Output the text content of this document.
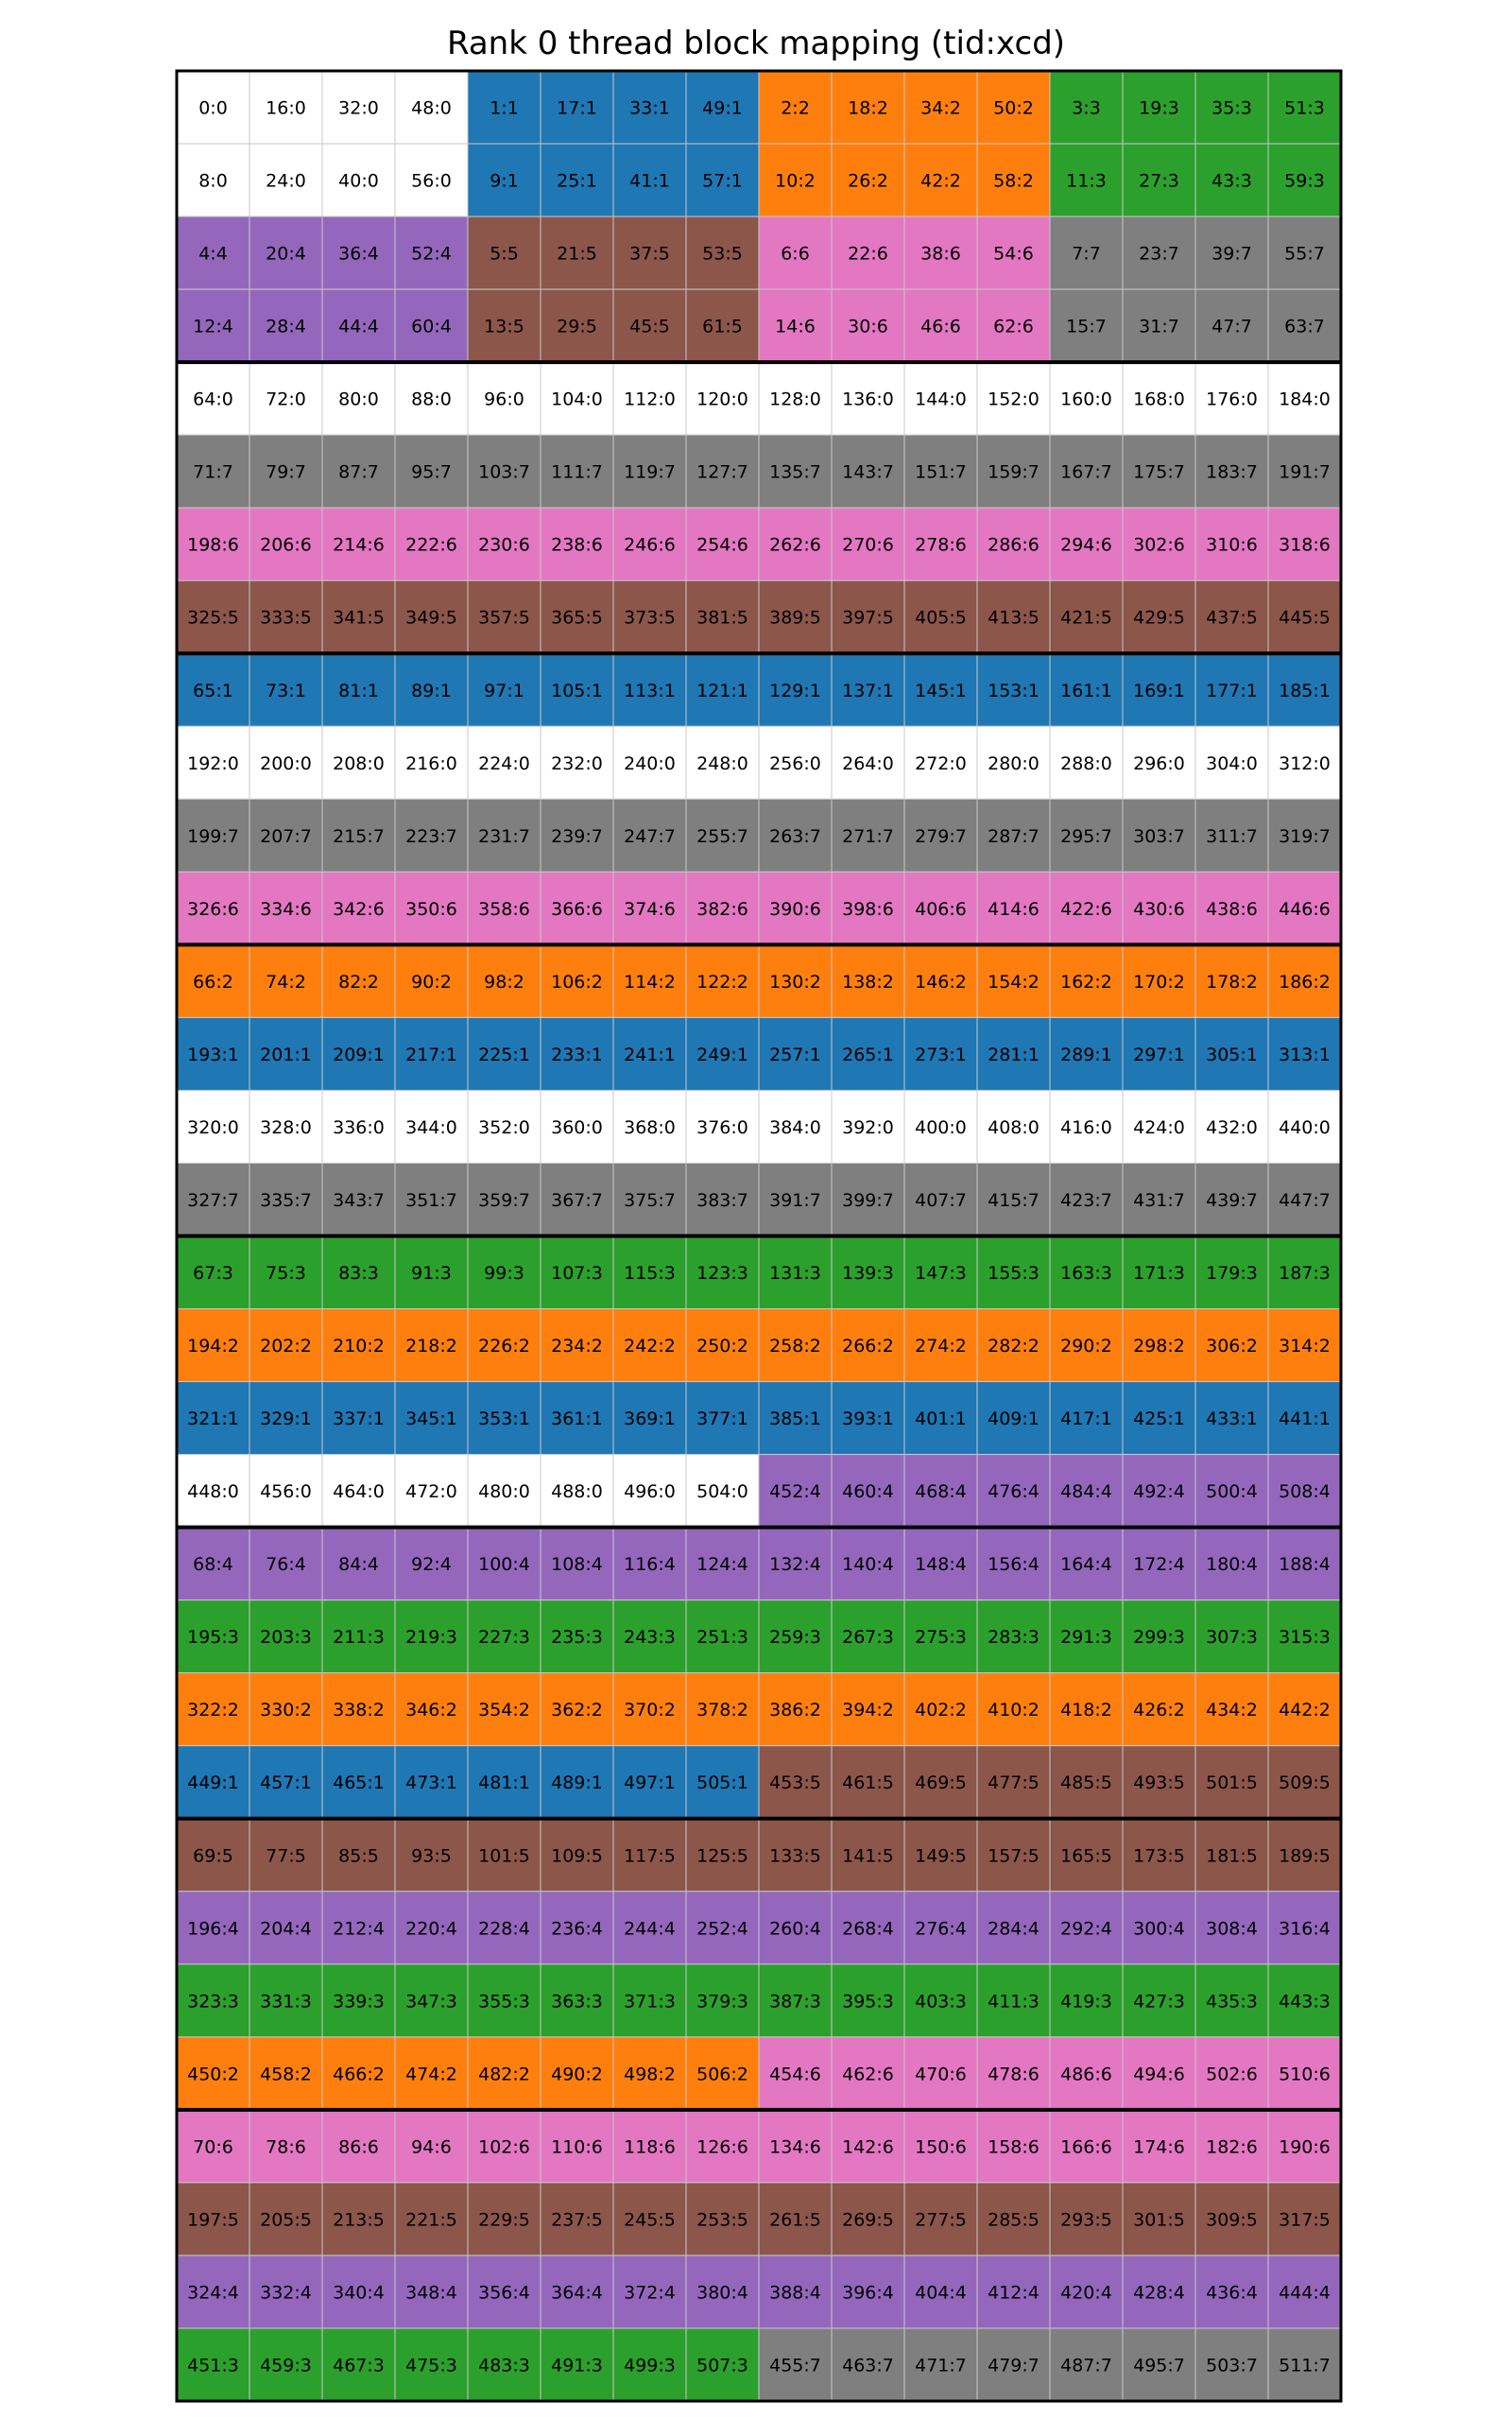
Rank 0 thread block mapping (tid:xcd)
0:0 16:0 32:0 48:0 1:1 17:1 33:1 49:1 2:2 18:2 34:2 50:2 3:3 19:3 35:3 51:3
8:0 24:0 40:0 56:0 9:1 25:1 41:1 57:1 10:2 26:2 42:2 58:2 11:3 27:3 43:3 59:3
4:4 20:4 36:4 52:4 5:5 21:5 37:5 53:5 6:6 22:6 38:6 54:6 7:7 23:7 39:7 55:7
12:4 28:4 44:4 60:4 13:5 29:5 45:5 61:5 14:6 30:6 46:6 62:6 15:7 31:7 47:7 63:7
64:0 72:0 80:0 88:0 96:0 104:0 112:0 120:0 128:0 136:0 144:0 152:0 160:0 168:0 176:0 184:0
71:7 79:7 87:7 95:7 103:7 111:7 119:7 127:7 135:7 143:7 151:7 159:7 167:7 175:7 183:7 191:7
198:6 206:6 214:6 222:6 230:6 238:6 246:6 254:6 262:6 270:6 278:6 286:6 294:6 302:6 310:6 318:6
325:5 333:5 341:5 349:5 357:5 365:5 373:5 381:5 389:5 397:5 405:5 413:5 421:5 429:5 437:5 445:5
65:1 73:1 81:1 89:1 97:1 105:1 113:1 121:1 129:1 137:1 145:1 153:1 161:1 169:1 177:1 185:1
192:0 200:0 208:0 216:0 224:0 232:0 240:0 248:0 256:0 264:0 272:0 280:0 288:0 296:0 304:0 312:0
199:7 207:7 215:7 223:7 231:7 239:7 247:7 255:7 263:7 271:7 279:7 287:7 295:7 303:7 311:7 319:7
326:6 334:6 342:6 350:6 358:6 366:6 374:6 382:6 390:6 398:6 406:6 414:6 422:6 430:6 438:6 446:6
66:2 74:2 82:2 90:2 98:2 106:2 114:2 122:2 130:2 138:2 146:2 154:2 162:2 170:2 178:2 186:2
193:1 201:1 209:1 217:1 225:1 233:1 241:1 249:1 257:1 265:1 273:1 281:1 289:1 297:1 305:1 313:1
320:0 328:0 336:0 344:0 352:0 360:0 368:0 376:0 384:0 392:0 400:0 408:0 416:0 424:0 432:0 440:0
327:7 335:7 343:7 351:7 359:7 367:7 375:7 383:7 391:7 399:7 407:7 415:7 423:7 431:7 439:7 447:7
67:3 75:3 83:3 91:3 99:3 107:3 115:3 123:3 131:3 139:3 147:3 155:3 163:3 171:3 179:3 187:3
194:2 202:2 210:2 218:2 226:2 234:2 242:2 250:2 258:2 266:2 274:2 282:2 290:2 298:2 306:2 314:2
321:1 329:1 337:1 345:1 353:1 361:1 369:1 377:1 385:1 393:1 401:1 409:1 417:1 425:1 433:1 441:1
448:0 456:0 464:0 472:0 480:0 488:0 496:0 504:0 452:4 460:4 468:4 476:4 484:4 492:4 500:4 508:4
68:4 76:4 84:4 92:4 100:4 108:4 116:4 124:4 132:4 140:4 148:4 156:4 164:4 172:4 180:4 188:4
195:3 203:3 211:3 219:3 227:3 235:3 243:3 251:3 259:3 267:3 275:3 283:3 291:3 299:3 307:3 315:3
322:2 330:2 338:2 346:2 354:2 362:2 370:2 378:2 386:2 394:2 402:2 410:2 418:2 426:2 434:2 442:2
449:1 457:1 465:1 473:1 481:1 489:1 497:1 505:1 453:5 461:5 469:5 477:5 485:5 493:5 501:5 509:5
69:5 77:5 85:5 93:5 101:5 109:5 117:5 125:5 133:5 141:5 149:5 157:5 165:5 173:5 181:5 189:5
196:4 204:4 212:4 220:4 228:4 236:4 244:4 252:4 260:4 268:4 276:4 284:4 292:4 300:4 308:4 316:4
323:3 331:3 339:3 347:3 355:3 363:3 371:3 379:3 387:3 395:3 403:3 411:3 419:3 427:3 435:3 443:3
450:2 458:2 466:2 474:2 482:2 490:2 498:2 506:2 454:6 462:6 470:6 478:6 486:6 494:6 502:6 510:6
70:6 78:6 86:6 94:6 102:6 110:6 118:6 126:6 134:6 142:6 150:6 158:6 166:6 174:6 182:6 190:6
197:5 205:5 213:5 221:5 229:5 237:5 245:5 253:5 261:5 269:5 277:5 285:5 293:5 301:5 309:5 317:5
324:4 332:4 340:4 348:4 356:4 364:4 372:4 380:4 388:4 396:4 404:4 412:4 420:4 428:4 436:4 444:4
451:3 459:3 467:3 475:3 483:3 491:3 499:3 507:3 455:7 463:7 471:7 479:7 487:7 495:7 503:7 511:7
